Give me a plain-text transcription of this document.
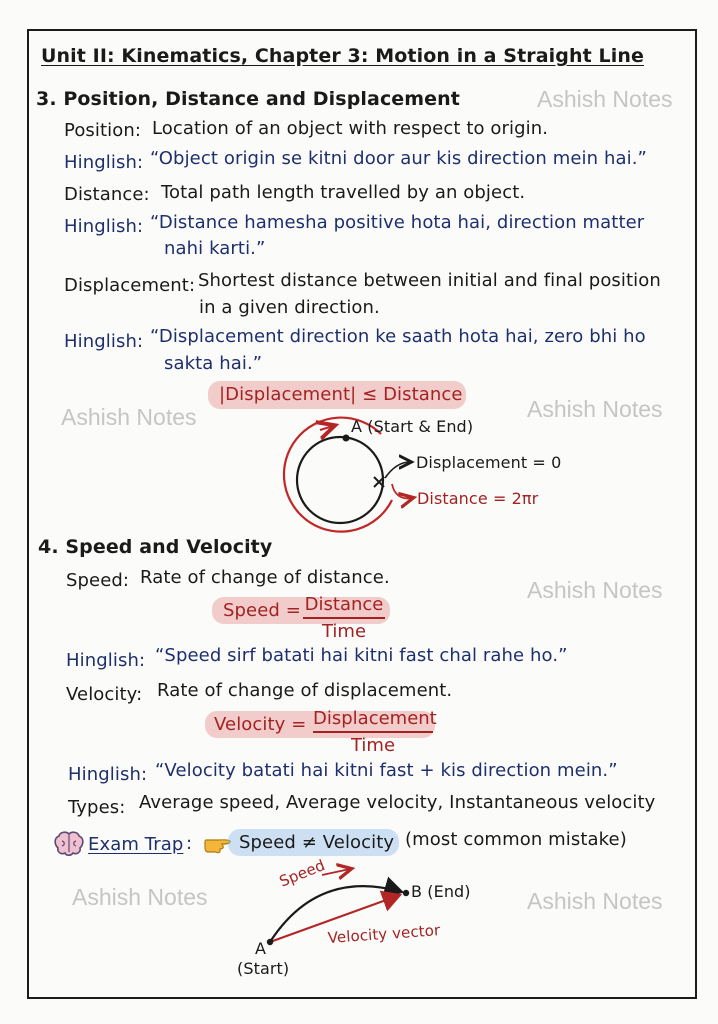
Ashish Notes
Ashish Notes	Ashish Notes
Ashish Notes
Ashish Notes	Ashish Notes
Unit II: Kinematics, Chapter 3: Motion in a Straight Line
3. Position, Distance and Displacement
Position: Location of an object with respect to origin.
Hinglish: “Object origin se kitni door aur kis direction mein hai.”
Distance: Total path length travelled by an object.
Hinglish: “Distance hamesha positive hota hai, direction matter
nahi karti.”
Displacement: Shortest distance between initial and final position
in a given direction.
Hinglish: “Displacement direction ke saath hota hai, zero bhi ho
sakta hai.”
|Displacement| ≤ Distance
A (Start & End)
Displacement = 0
Distance = 2πr
4. Speed and Velocity
Speed: Rate of change of distance.
Speed = Distance
Time
Hinglish: “Speed sirf batati hai kitni fast chal rahe ho.”
Velocity: Rate of change of displacement.
Velocity = Displacement
Time
Hinglish: “Velocity batati hai kitni fast + kis direction mein.”
Types: Average speed, Average velocity, Instantaneous velocity
Exam Trap :	Speed ≠ Velocity (most common mistake)
Speed
B (End)
Velocity vector
A
(Start)
